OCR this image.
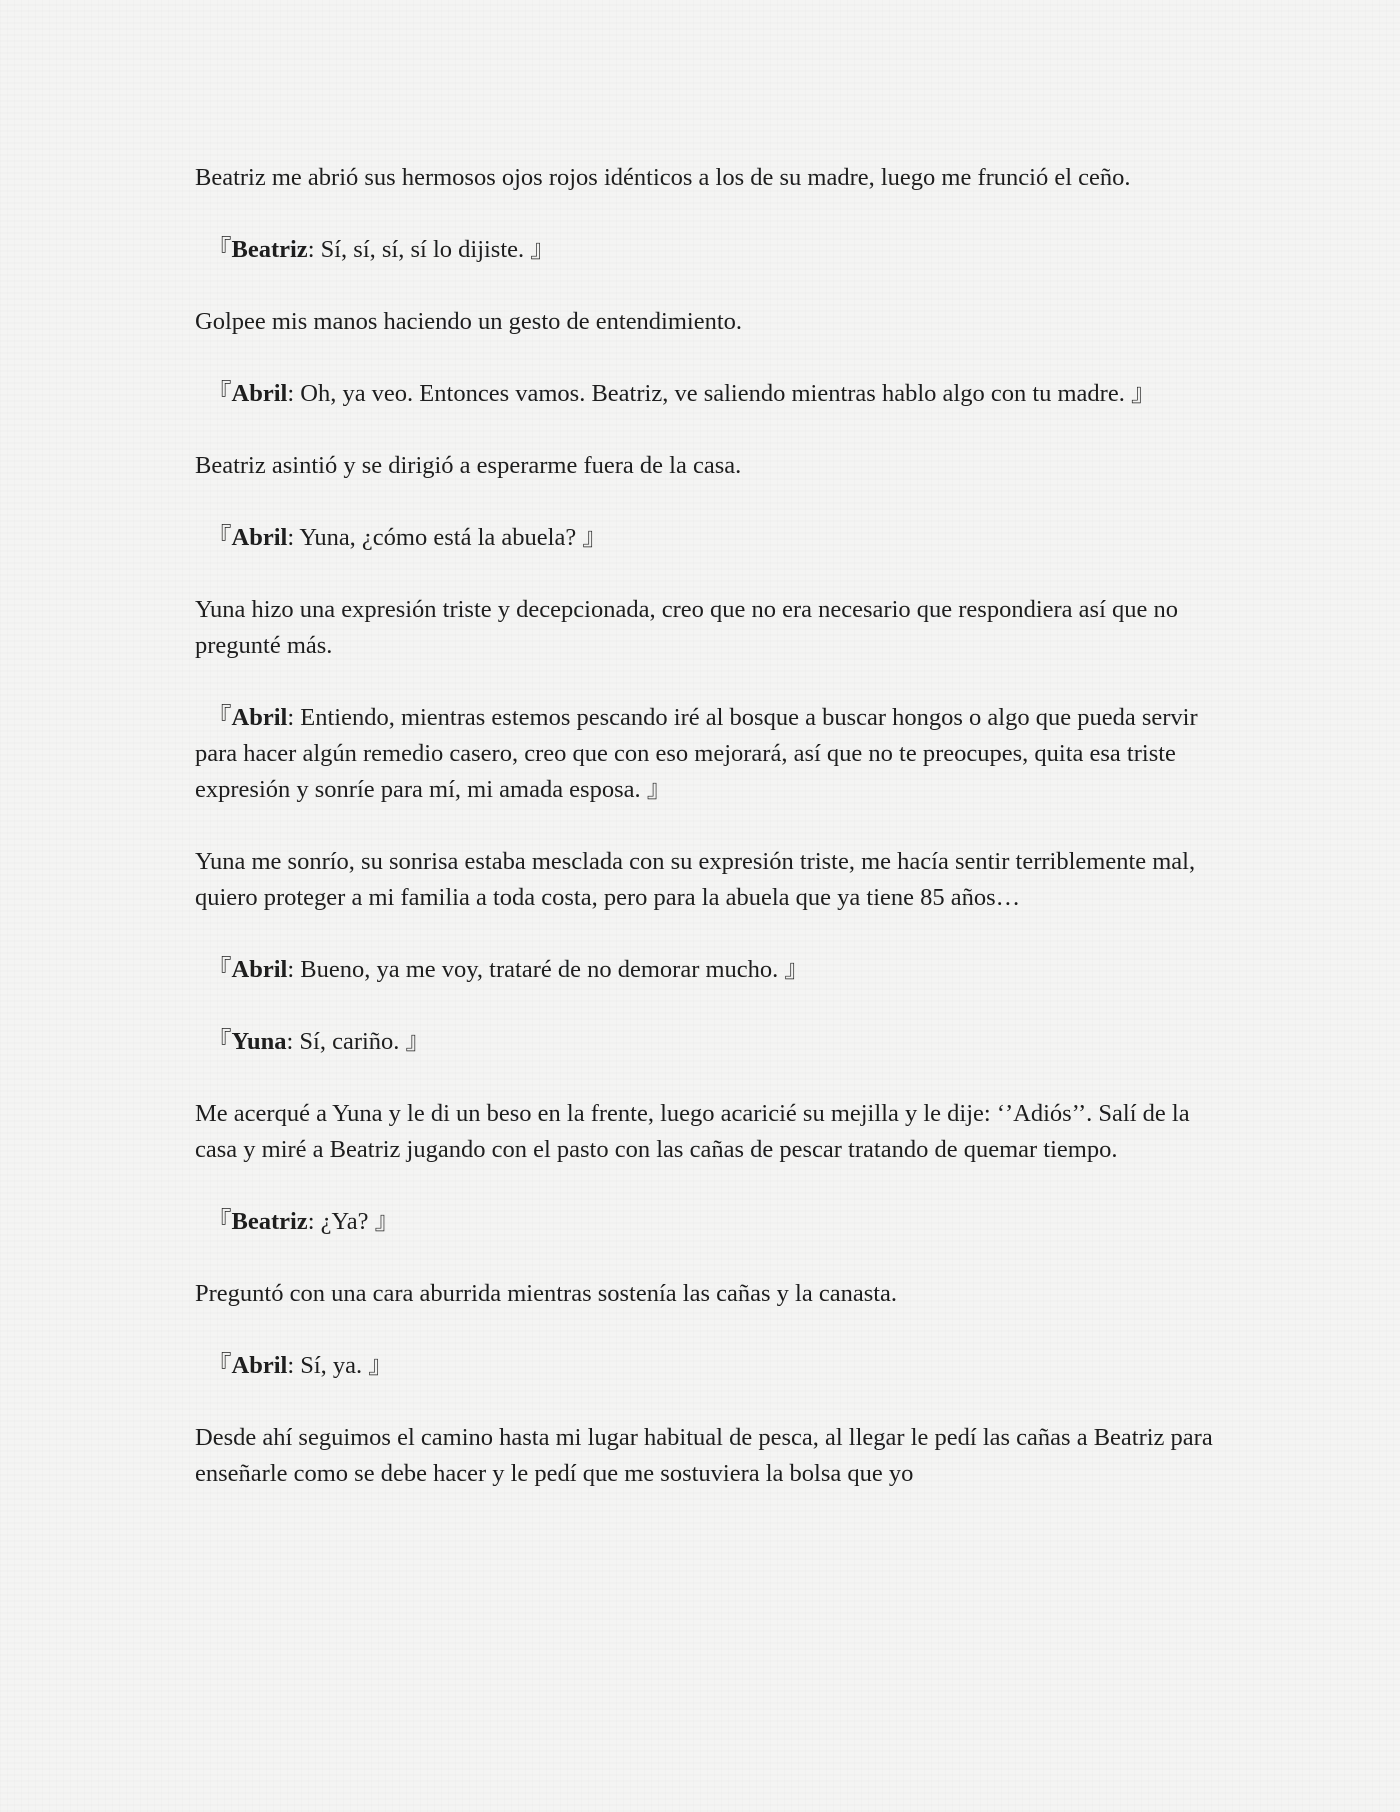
Beatriz me abrió sus hermosos ojos rojos idénticos a los de su madre, luego me frunció el ceño.

『Beatriz: Sí, sí, sí, sí lo dijiste. 』

Golpee mis manos haciendo un gesto de entendimiento.

『Abril: Oh, ya veo. Entonces vamos. Beatriz, ve saliendo mientras hablo algo con tu madre. 』

Beatriz asintió y se dirigió a esperarme fuera de la casa.

『Abril: Yuna, ¿cómo está la abuela? 』

Yuna hizo una expresión triste y decepcionada, creo que no era necesario que respondiera así que no pregunté más.

『Abril: Entiendo, mientras estemos pescando iré al bosque a buscar hongos o algo que pueda servir para hacer algún remedio casero, creo que con eso mejorará, así que no te preocupes, quita esa triste expresión y sonríe para mí, mi amada esposa. 』

Yuna me sonrío, su sonrisa estaba mesclada con su expresión triste, me hacía sentir terriblemente mal, quiero proteger a mi familia a toda costa, pero para la abuela que ya tiene 85 años…

『Abril: Bueno, ya me voy, trataré de no demorar mucho. 』

『Yuna: Sí, cariño. 』

Me acerqué a Yuna y le di un beso en la frente, luego acaricié su mejilla y le dije: ‘’Adiós’’. Salí de la casa y miré a Beatriz jugando con el pasto con las cañas de pescar tratando de quemar tiempo.

『Beatriz: ¿Ya? 』

Preguntó con una cara aburrida mientras sostenía las cañas y la canasta.

『Abril: Sí, ya. 』

Desde ahí seguimos el camino hasta mi lugar habitual de pesca, al llegar le pedí las cañas a Beatriz para enseñarle como se debe hacer y le pedí que me sostuviera la bolsa que yo
